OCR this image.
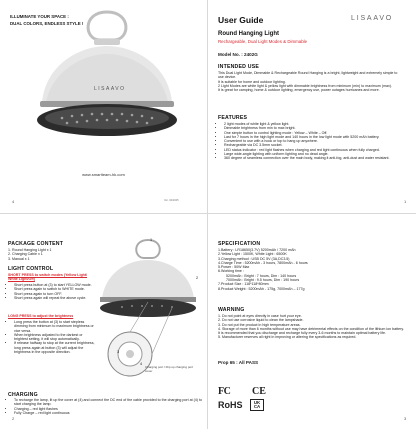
ILLUMINATE YOUR SPACE :
DUAL COLORS, ENDLESS STYLE !
LISAAVO
www.smartteam-hk.com
Ver. 02/2025
4
User Guide	LISAAVO
Round Hanging Light
Rechargeable, Dual Light Modes & Dimmable
Model No. : 2402G
INTENDED USE
This Dual Light Mode, Dimmable & Rechargeable Round Hanging is a bright, lightweight and extremely simple to use device.
It is suitable for home and outdoor lighting.
2 Light Modes are white light & yellow light with dimmable brightness from minimum (min) to maximum (max).
It is great for camping, home & outdoor lighting, emergency use, power outages hurricanes and more.
FEATURES
• 2 light modes of white light & yellow light.
• Dimmable brightness from min to max bright.
• One simple button to control lighting mode : Yellow – White – Off.
• Last for 7 hours in the high light mode and 140 hours in the low light mode with 5200 mAh battery.
• Convenient to use with a hook or top to hang up anywhere.
• Rechargeable via DC 3.5mm socket.
• LED status indicator : red light flashes when charging and red light continuous when fully charged.
• Large wide-angle lighting with uniform lighting and no dead angle.
• 360 degree of seamless connection over the main body, making it anti-fog, anti-dust and water resistant.
1
PACKAGE CONTENT
1. Round Hanging Light x 1
2. Charging Cable x 1
3. Manual x 1
LIGHT CONTROL
SHORT PRESS to switch modes (Yellow Light/ White Light/Off)
• Short press button at (3) to start YELLOW mode.
• Short press again to switch to WHITE mode.
• Short press again to turn OFF.
• Short press again will repeat the above cycle.
LONG PRESS to adjust the brightness
• Long press the button at (3) to start stepless dimming from minimum to maximum brightness or vice versa.
• When brightness adjusted to the darkest or brightest setting, it will stop automatically.
• If release halfway to stop at the current brightness, long press again at button (3) will adjust the brightness in the opposite direction.
CHARGING
• To recharge the lamp, lit up the cover at (4) and connect the DC end of the cable provided to the charging port at (4) to start charging the lamp.
• Charging – red light flashes
• Fully Charge – red light continuous
1
2
3
4
Charging port / Flip up charging port cover
2
SPECIFICATION
1.Battery : LR18650(3.7V) 5200mAh / 7200 mAh
2.Yellow Light : 1500K, White Light : 6500K
3.Charging method : USB DC 5V (3A,DC3.5)
4.Charge Time : 5200mAh - 3 hours, 7800mAh - 6 hours
5.Power : 50W Max
6.Working time :
5200mAh : Bright : 7 hours, Dim : 140 hours
7000mAh : Bright : 9.5 hours, Dim : 190 hours
7.Product Size : 118*118*80mm
8.Product Weight : 5200mAh - 175g, 7000mAh – 177g
WARNING
1. Do not point at eyes directly in case hurt your eye.
2. Do not use corrosive liquid to clean the lampshade.
3. Do not put the product in high temperature areas.
4. Storage of more than 6 months without use may have detrimental effects on the condition of the lithium ion battery. It is recommended that you discharge and recharge fully every 3-6 months to maintain optimal battery life.
5. Manufacturer reserves all right in improving or altering the specifications as required.
Prop 65 : All PASS
FC CE
RoHS	UK CA
3
